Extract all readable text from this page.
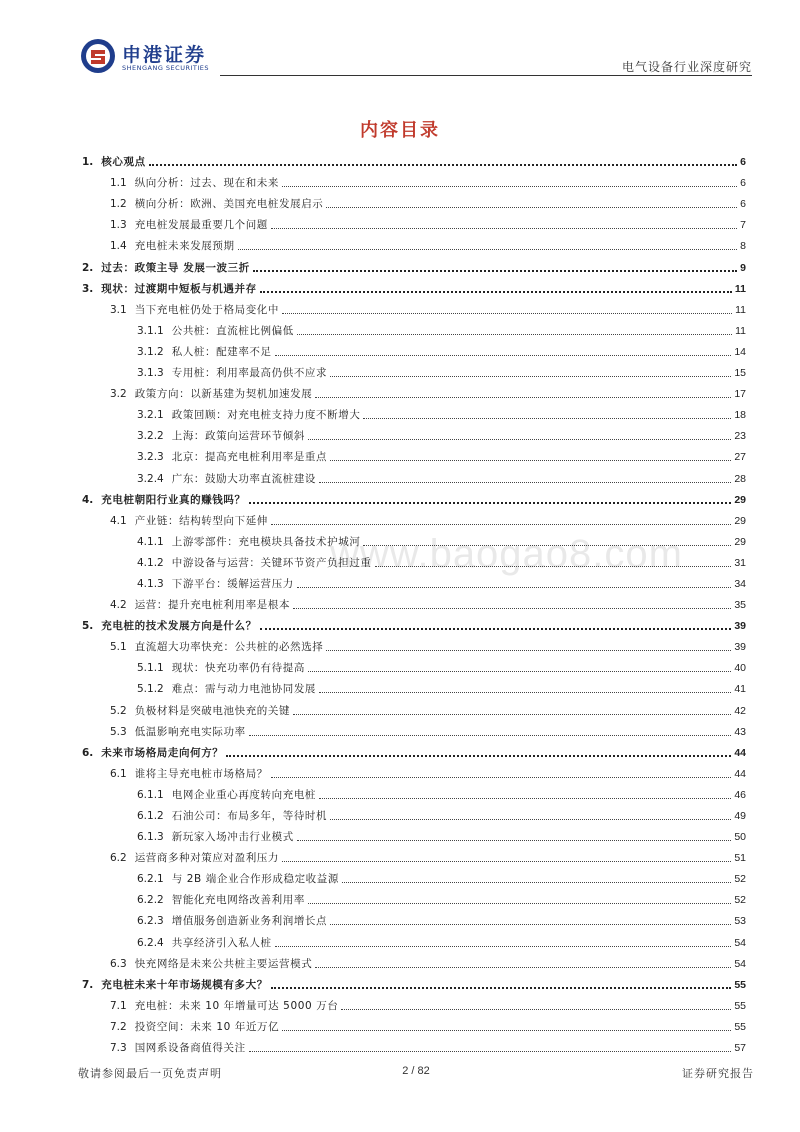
申港证券
SHENGANG SECURITIES	电气设备行业深度研究
内容目录
www.baogao8.com
1. 核心观点	6
1.1 纵向分析：过去、现在和未来	6
1.2 横向分析：欧洲、美国充电桩发展启示	6
1.3 充电桩发展最重要几个问题	7
1.4 充电桩未来发展预期	8
2. 过去：政策主导 发展一波三折	9
3. 现状：过渡期中短板与机遇并存	11
3.1 当下充电桩仍处于格局变化中	11
3.1.1 公共桩：直流桩比例偏低	11
3.1.2 私人桩：配建率不足	14
3.1.3 专用桩：利用率最高仍供不应求	15
3.2 政策方向：以新基建为契机加速发展	17
3.2.1 政策回顾：对充电桩支持力度不断增大	18
3.2.2 上海：政策向运营环节倾斜	23
3.2.3 北京：提高充电桩利用率是重点	27
3.2.4 广东：鼓励大功率直流桩建设	28
4. 充电桩朝阳行业真的赚钱吗？	29
4.1 产业链：结构转型向下延伸	29
4.1.1 上游零部件：充电模块具备技术护城河	29
4.1.2 中游设备与运营：关键环节资产负担过重	31
4.1.3 下游平台：缓解运营压力	34
4.2 运营：提升充电桩利用率是根本	35
5. 充电桩的技术发展方向是什么？	39
5.1 直流超大功率快充：公共桩的必然选择	39
5.1.1 现状：快充功率仍有待提高	40
5.1.2 难点：需与动力电池协同发展	41
5.2 负极材料是突破电池快充的关键	42
5.3 低温影响充电实际功率	43
6. 未来市场格局走向何方？	44
6.1 谁将主导充电桩市场格局？	44
6.1.1 电网企业重心再度转向充电桩	46
6.1.2 石油公司：布局多年，等待时机	49
6.1.3 新玩家入场冲击行业模式	50
6.2 运营商多种对策应对盈利压力	51
6.2.1 与 2B 端企业合作形成稳定收益源	52
6.2.2 智能化充电网络改善利用率	52
6.2.3 增值服务创造新业务利润增长点	53
6.2.4 共享经济引入私人桩	54
6.3 快充网络是未来公共桩主要运营模式	54
7. 充电桩未来十年市场规模有多大？	55
7.1 充电桩：未来 10 年增量可达 5000 万台	55
7.2 投资空间：未来 10 年近万亿	55
7.3 国网系设备商值得关注	57
敬请参阅最后一页免责声明	2 / 82	证券研究报告
